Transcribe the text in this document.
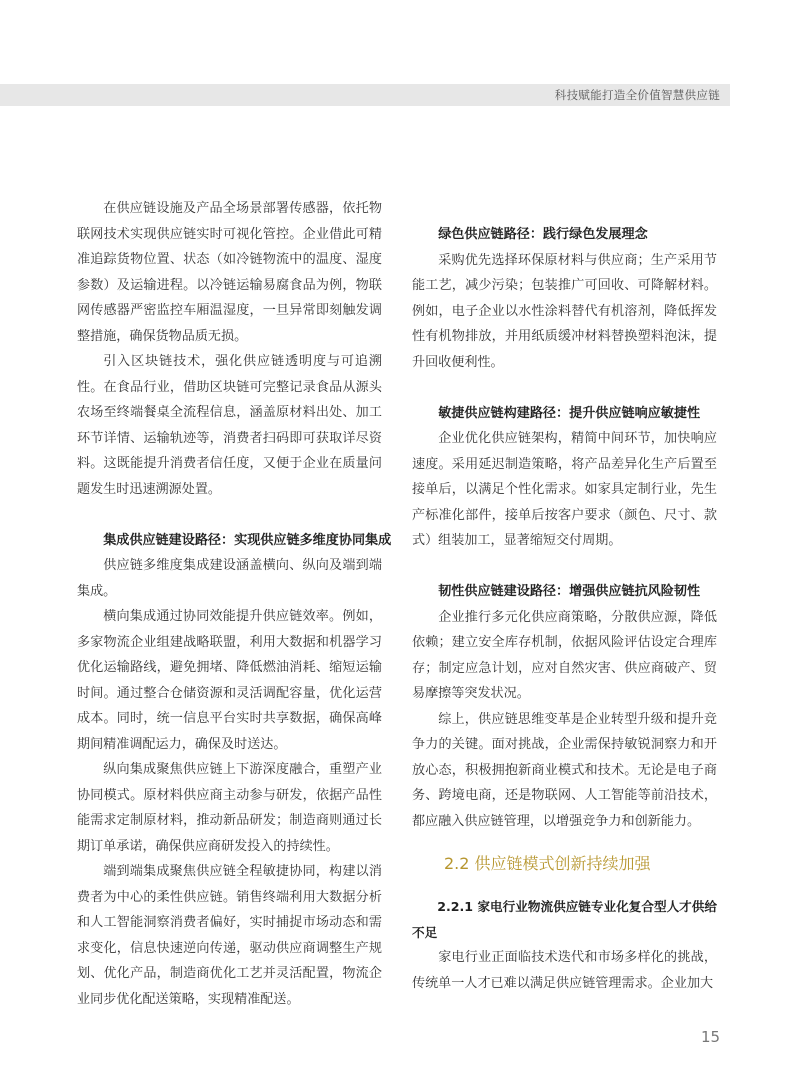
科技赋能打造全价值智慧供应链

在供应链设施及产品全场景部署传感器，依托物联网技术实现供应链实时可视化管控。企业借此可精准追踪货物位置、状态（如冷链物流中的温度、湿度参数）及运输进程。以冷链运输易腐食品为例，物联网传感器严密监控车厢温湿度，一旦异常即刻触发调整措施，确保货物品质无损。

引入区块链技术，强化供应链透明度与可追溯性。在食品行业，借助区块链可完整记录食品从源头农场至终端餐桌全流程信息，涵盖原材料出处、加工环节详情、运输轨迹等，消费者扫码即可获取详尽资料。这既能提升消费者信任度，又便于企业在质量问题发生时迅速溯源处置。

集成供应链建设路径：实现供应链多维度协同集成

供应链多维度集成建设涵盖横向、纵向及端到端集成。

横向集成通过协同效能提升供应链效率。例如，多家物流企业组建战略联盟，利用大数据和机器学习优化运输路线，避免拥堵、降低燃油消耗、缩短运输时间。通过整合仓储资源和灵活调配容量，优化运营成本。同时，统一信息平台实时共享数据，确保高峰期间精准调配运力，确保及时送达。

纵向集成聚焦供应链上下游深度融合，重塑产业协同模式。原材料供应商主动参与研发，依据产品性能需求定制原材料，推动新品研发；制造商则通过长期订单承诺，确保供应商研发投入的持续性。

端到端集成聚焦供应链全程敏捷协同，构建以消费者为中心的柔性供应链。销售终端利用大数据分析和人工智能洞察消费者偏好，实时捕捉市场动态和需求变化，信息快速逆向传递，驱动供应商调整生产规划、优化产品，制造商优化工艺并灵活配置，物流企业同步优化配送策略，实现精准配送。

绿色供应链路径：践行绿色发展理念

采购优先选择环保原材料与供应商；生产采用节能工艺，减少污染；包装推广可回收、可降解材料。例如，电子企业以水性涂料替代有机溶剂，降低挥发性有机物排放，并用纸质缓冲材料替换塑料泡沫，提升回收便利性。

敏捷供应链构建路径：提升供应链响应敏捷性

企业优化供应链架构，精简中间环节，加快响应速度。采用延迟制造策略，将产品差异化生产后置至接单后，以满足个性化需求。如家具定制行业，先生产标准化部件，接单后按客户要求（颜色、尺寸、款式）组装加工，显著缩短交付周期。

韧性供应链建设路径：增强供应链抗风险韧性

企业推行多元化供应商策略，分散供应源，降低依赖；建立安全库存机制，依据风险评估设定合理库存；制定应急计划，应对自然灾害、供应商破产、贸易摩擦等突发状况。

综上，供应链思维变革是企业转型升级和提升竞争力的关键。面对挑战，企业需保持敏锐洞察力和开放心态，积极拥抱新商业模式和技术。无论是电子商务、跨境电商，还是物联网、人工智能等前沿技术，都应融入供应链管理，以增强竞争力和创新能力。

2.2 供应链模式创新持续加强

2.2.1 家电行业物流供应链专业化复合型人才供给不足

家电行业正面临技术迭代和市场多样化的挑战，传统单一人才已难以满足供应链管理需求。企业加大

15
